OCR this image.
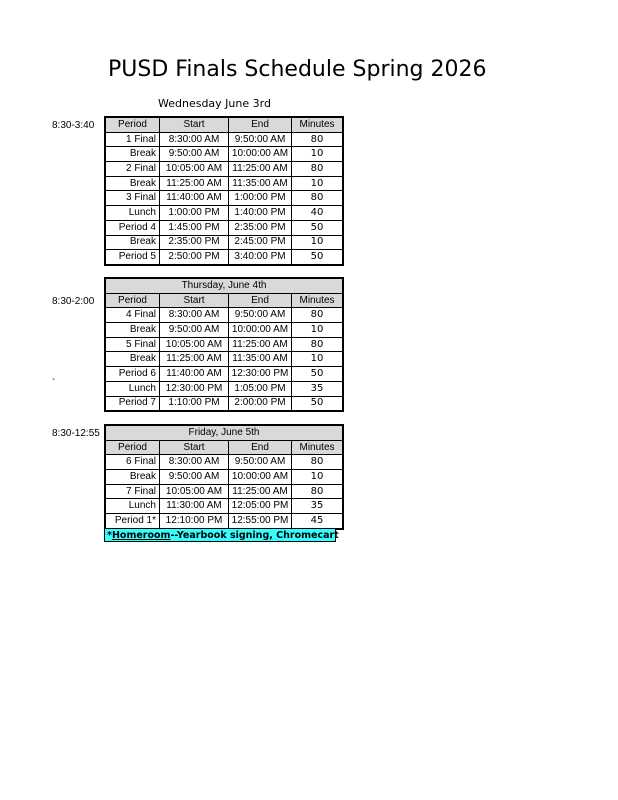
PUSD Finals Schedule Spring 2026
Wednesday June 3rd
8:30-3:40 Period	Start	End	Minutes
1 Final	8:30:00 AM	9:50:00 AM	80
Break	9:50:00 AM	10:00:00 AM	10
2 Final	10:05:00 AM	11:25:00 AM	80
Break	11:25:00 AM	11:35:00 AM	10
3 Final	11:40:00 AM	1:00:00 PM	80
Lunch	1:00:00 PM	1:40:00 PM	40
Period 4	1:45:00 PM	2:35:00 PM	50
Break	2:35:00 PM	2:45:00 PM	10
Period 5	2:50:00 PM	3:40:00 PM	50
8:30-2:00
`
Thursday, June 4th			
Period	Start	End	Minutes
4 Final	8:30:00 AM	9:50:00 AM	80
Break	9:50:00 AM	10:00:00 AM	10
5 Final	10:05:00 AM	11:25:00 AM	80
Break	11:25:00 AM	11:35:00 AM	10
Period 6	11:40:00 AM	12:30:00 PM	50
Lunch	12:30:00 PM	1:05:00 PM	35
Period 7	1:10:00 PM	2:00:00 PM	50
8:30-12:55	Friday, June 5th			
Period	Start	End	Minutes
6 Final	8:30:00 AM	9:50:00 AM	80
Break	9:50:00 AM	10:00:00 AM	10
7 Final	10:05:00 AM	11:25:00 AM	80
Lunch	11:30:00 AM	12:05:00 PM	35
Period 1*	12:10:00 PM	12:55:00 PM	45
*Homeroom--Yearbook signing, Chromecart
